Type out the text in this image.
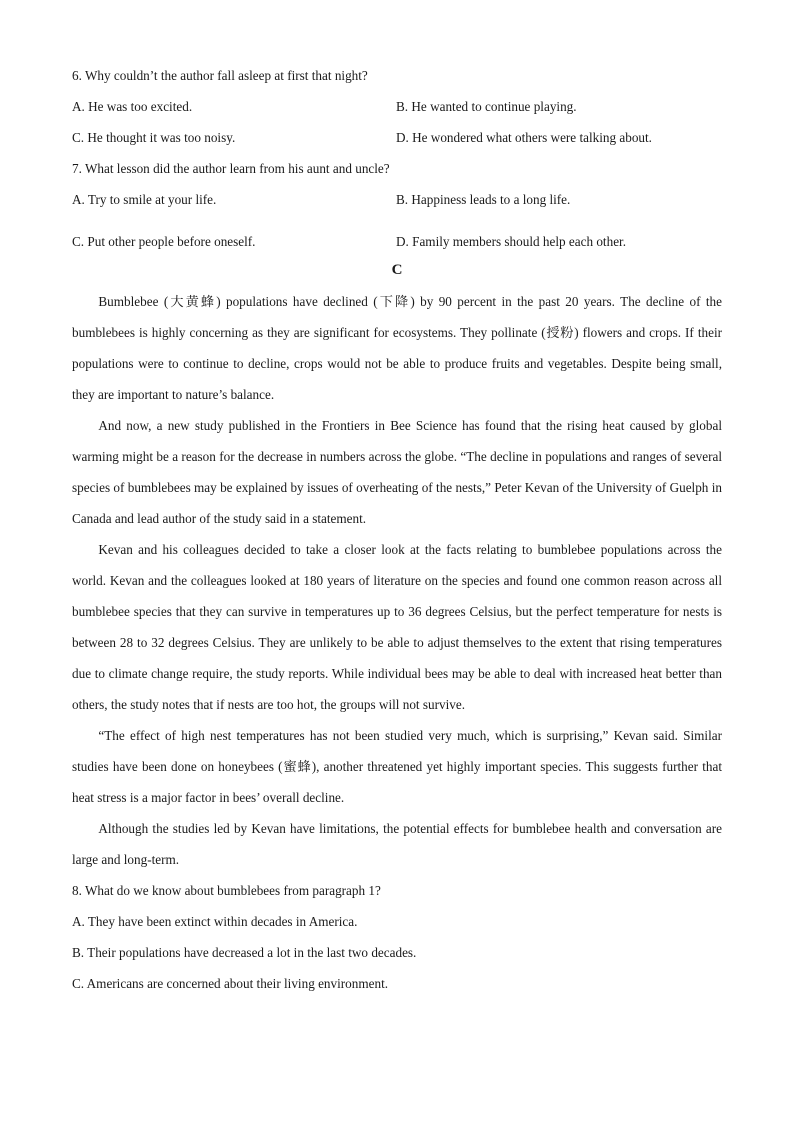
6. Why couldn’t the author fall asleep at first that night?
A. He was too excited.	B. He wanted to continue playing.
C. He thought it was too noisy.	D. He wondered what others were talking about.
7. What lesson did the author learn from his aunt and uncle?
A. Try to smile at your life.	B. Happiness leads to a long life.
C. Put other people before oneself.	D. Family members should help each other.
C

Bumblebee (大黄蜂) populations have declined (下降) by 90 percent in the past 20 years. The decline of the bumblebees is highly concerning as they are significant for ecosystems. They pollinate (授粉) flowers and crops. If their populations were to continue to decline, crops would not be able to produce fruits and vegetables. Despite being small, they are important to nature’s balance.

And now, a new study published in the Frontiers in Bee Science has found that the rising heat caused by global warming might be a reason for the decrease in numbers across the globe. “The decline in populations and ranges of several species of bumblebees may be explained by issues of overheating of the nests,” Peter Kevan of the University of Guelph in Canada and lead author of the study said in a statement.

Kevan and his colleagues decided to take a closer look at the facts relating to bumblebee populations across the world. Kevan and the colleagues looked at 180 years of literature on the species and found one common reason across all bumblebee species that they can survive in temperatures up to 36 degrees Celsius, but the perfect temperature for nests is between 28 to 32 degrees Celsius. They are unlikely to be able to adjust themselves to the extent that rising temperatures due to climate change require, the study reports. While individual bees may be able to deal with increased heat better than others, the study notes that if nests are too hot, the groups will not survive.

“The effect of high nest temperatures has not been studied very much, which is surprising,” Kevan said. Similar studies have been done on honeybees (蜜蜂), another threatened yet highly important species. This suggests further that heat stress is a major factor in bees’ overall decline.

Although the studies led by Kevan have limitations, the potential effects for bumblebee health and conversation are large and long-term.

8. What do we know about bumblebees from paragraph 1?
A. They have been extinct within decades in America.
B. Their populations have decreased a lot in the last two decades.
C. Americans are concerned about their living environment.
